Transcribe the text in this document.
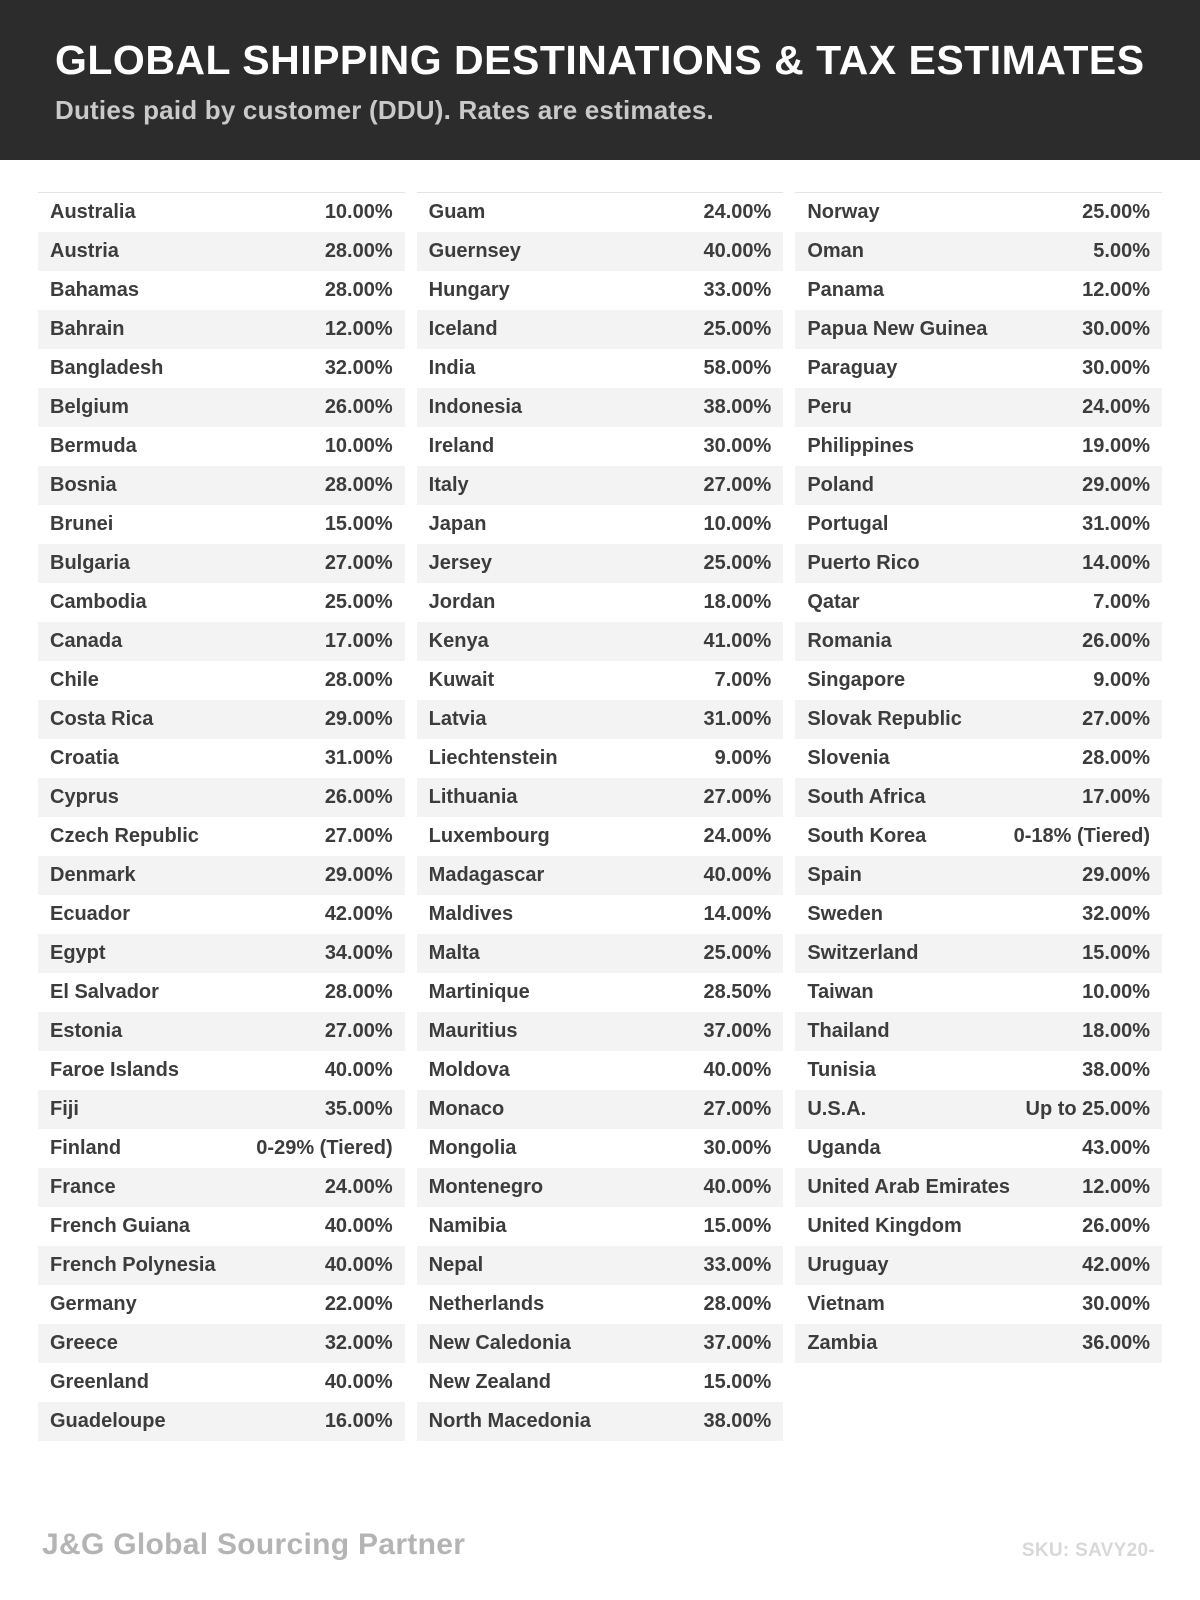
GLOBAL SHIPPING DESTINATIONS & TAX ESTIMATES

Duties paid by customer (DDU). Rates are estimates.

Australia	10.00%
Austria	28.00%
Bahamas	28.00%
Bahrain	12.00%
Bangladesh	32.00%
Belgium	26.00%
Bermuda	10.00%
Bosnia	28.00%
Brunei	15.00%
Bulgaria	27.00%
Cambodia	25.00%
Canada	17.00%
Chile	28.00%
Costa Rica	29.00%
Croatia	31.00%
Cyprus	26.00%
Czech Republic	27.00%
Denmark	29.00%
Ecuador	42.00%
Egypt	34.00%
El Salvador	28.00%
Estonia	27.00%
Faroe Islands	40.00%
Fiji	35.00%
Finland	0-29% (Tiered)
France	24.00%
French Guiana	40.00%
French Polynesia	40.00%
Germany	22.00%
Greece	32.00%
Greenland	40.00%
Guadeloupe	16.00%
Guam	24.00%
Guernsey	40.00%
Hungary	33.00%
Iceland	25.00%
India	58.00%
Indonesia	38.00%
Ireland	30.00%
Italy	27.00%
Japan	10.00%
Jersey	25.00%
Jordan	18.00%
Kenya	41.00%
Kuwait	7.00%
Latvia	31.00%
Liechtenstein	9.00%
Lithuania	27.00%
Luxembourg	24.00%
Madagascar	40.00%
Maldives	14.00%
Malta	25.00%
Martinique	28.50%
Mauritius	37.00%
Moldova	40.00%
Monaco	27.00%
Mongolia	30.00%
Montenegro	40.00%
Namibia	15.00%
Nepal	33.00%
Netherlands	28.00%
New Caledonia	37.00%
New Zealand	15.00%
North Macedonia	38.00%
Norway	25.00%
Oman	5.00%
Panama	12.00%
Papua New Guinea	30.00%
Paraguay	30.00%
Peru	24.00%
Philippines	19.00%
Poland	29.00%
Portugal	31.00%
Puerto Rico	14.00%
Qatar	7.00%
Romania	26.00%
Singapore	9.00%
Slovak Republic	27.00%
Slovenia	28.00%
South Africa	17.00%
South Korea	0-18% (Tiered)
Spain	29.00%
Sweden	32.00%
Switzerland	15.00%
Taiwan	10.00%
Thailand	18.00%
Tunisia	38.00%
U.S.A.	Up to 25.00%
Uganda	43.00%
United Arab Emirates	12.00%
United Kingdom	26.00%
Uruguay	42.00%
Vietnam	30.00%
Zambia	36.00%
J&G Global Sourcing Partner	SKU: SAVY20-
